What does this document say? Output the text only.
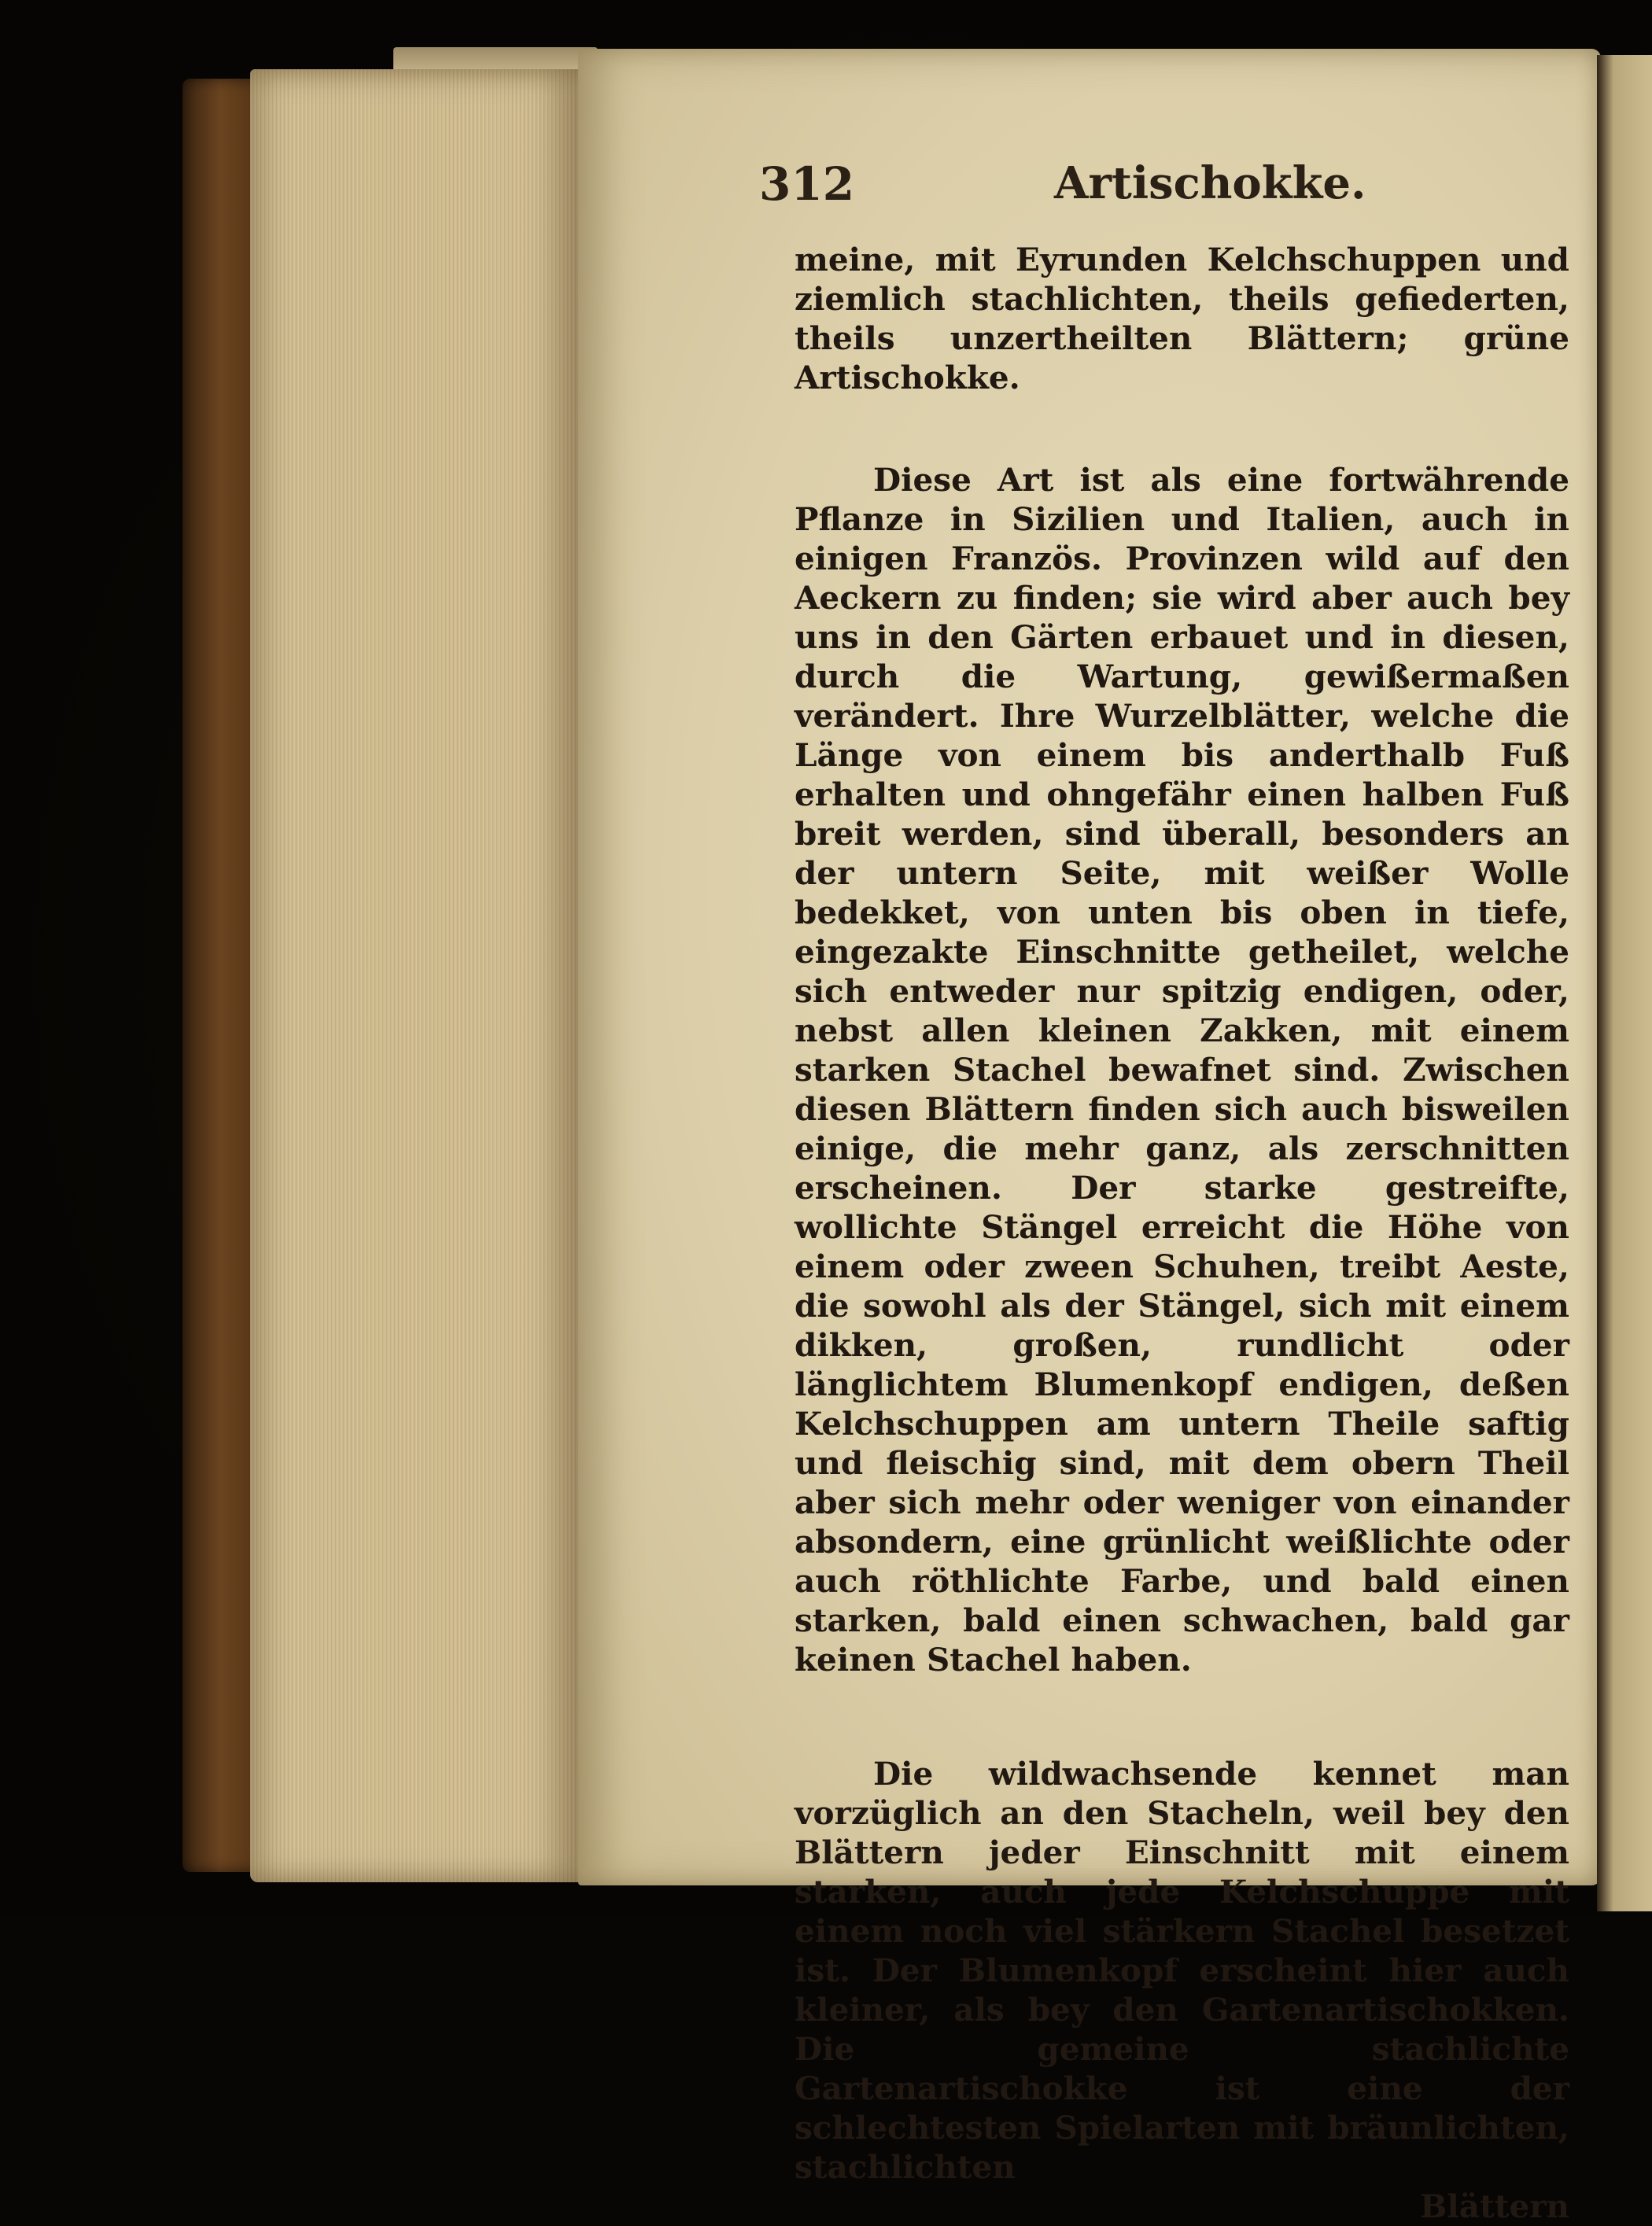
312	Artischokke.

meine, mit Eyrunden Kelchschuppen und ziemlich stachlichten, theils gefiederten, theils unzertheilten Blättern; grüne Artischokke.

Diese Art ist als eine fortwährende Pflanze in Sizilien und Italien, auch in einigen Französ. Provinzen wild auf den Aeckern zu finden; sie wird aber auch bey uns in den Gärten erbauet und in diesen, durch die Wartung, gewißermaßen verändert. Ihre Wurzelblätter, welche die Länge von einem bis anderthalb Fuß erhalten und ohngefähr einen halben Fuß breit werden, sind überall, besonders an der untern Seite, mit weißer Wolle bedekket, von unten bis oben in tiefe, eingezakte Einschnitte getheilet, welche sich entweder nur spitzig endigen, oder, nebst allen kleinen Zakken, mit einem starken Stachel bewafnet sind. Zwischen diesen Blättern finden sich auch bisweilen einige, die mehr ganz, als zerschnitten erscheinen. Der starke gestreifte, wollichte Stängel erreicht die Höhe von einem oder zween Schuhen, treibt Aeste, die sowohl als der Stängel, sich mit einem dikken, großen, rundlicht oder länglichtem Blumenkopf endigen, deßen Kelchschuppen am untern Theile saftig und fleischig sind, mit dem obern Theil aber sich mehr oder weniger von einander absondern, eine grünlicht weißlichte oder auch röthlichte Farbe, und bald einen starken, bald einen schwachen, bald gar keinen Stachel haben.

Die wildwachsende kennet man vorzüglich an den Stacheln, weil bey den Blättern jeder Einschnitt mit einem starken, auch jede Kelchschuppe mit einem noch viel stärkern Stachel besetzet ist. Der Blumenkopf erscheint hier auch kleiner, als bey den Gartenartischokken. Die gemeine stachlichte Gartenartischokke ist eine der schlechtesten Spielarten mit bräunlichten, stachlichten

Blättern
